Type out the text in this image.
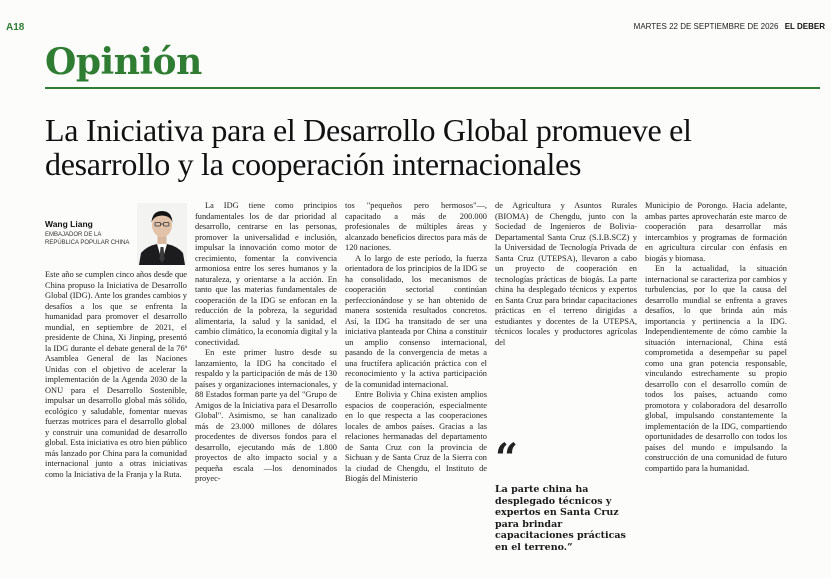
A18	MARTES 22 DE SEPTIEMBRE DE 2026 EL DEBER
Opinión
La Iniciativa para el Desarrollo Global promueve el desarrollo y la cooperación internacionales
Wang Liang
EMBAJADOR DE LA REPÚBLICA POPULAR CHINA

Este año se cumplen cinco años desde que China propuso la Iniciativa de Desarrollo Global (IDG). Ante los grandes cambios y desafíos a los que se enfrenta la humanidad para promover el desarrollo mundial, en septiembre de 2021, el presidente de China, Xi Jinping, presentó la IDG durante el debate general de la 76ª Asamblea General de las Naciones Unidas con el objetivo de acelerar la implementación de la Agenda 2030 de la ONU para el Desarrollo Sostenible, impulsar un desarrollo global más sólido, ecológico y saludable, fomentar nuevas fuerzas motrices para el desarrollo global y construir una comunidad de desarrollo global. Esta iniciativa es otro bien público más lanzado por China para la comunidad internacional junto a otras iniciativas como la Iniciativa de la Franja y la Ruta.

La IDG tiene como principios fundamentales los de dar prioridad al desarrollo, centrarse en las personas, promover la universalidad e inclusión, impulsar la innovación como motor de crecimiento, fomentar la convivencia armoniosa entre los seres humanos y la naturaleza, y orientarse a la acción. En tanto que las materias fundamentales de cooperación de la IDG se enfocan en la reducción de la pobreza, la seguridad alimentaria, la salud y la sanidad, el cambio climático, la economía digital y la conectividad.

En este primer lustro desde su lanzamiento, la IDG ha concitado el respaldo y la participación de más de 130 países y organizaciones internacionales, y 88 Estados forman parte ya del "Grupo de Amigos de la Iniciativa para el Desarrollo Global". Asimismo, se han canalizado más de 23.000 millones de dólares procedentes de diversos fondos para el desarrollo, ejecutando más de 1.800 proyectos de alto impacto social y a pequeña escala —los denominados proyec-

tos "pequeños pero hermosos"—, capacitado a más de 200.000 profesionales de múltiples áreas y alcanzado beneficios directos para más de 120 naciones.

A lo largo de este período, la fuerza orientadora de los principios de la IDG se ha consolidado, los mecanismos de cooperación sectorial continúan perfeccionándose y se han obtenido de manera sostenida resultados concretos. Así, la IDG ha transitado de ser una iniciativa planteada por China a constituir un amplio consenso internacional, pasando de la convergencia de metas a una fructífera aplicación práctica con el reconocimiento y la activa participación de la comunidad internacional.

Entre Bolivia y China existen amplios espacios de cooperación, especialmente en lo que respecta a las cooperaciones locales de ambos países. Gracias a las relaciones hermanadas del departamento de Santa Cruz con la provincia de Sichuan y de Santa Cruz de la Sierra con la ciudad de Chengdu, el Instituto de Biogás del Ministerio

de Agricultura y Asuntos Rurales (BIOMA) de Chengdu, junto con la Sociedad de Ingenieros de Bolivia-Departamental Santa Cruz (S.I.B.SCZ) y la Universidad de Tecnología Privada de Santa Cruz (UTEPSA), llevaron a cabo un proyecto de cooperación en tecnologías prácticas de biogás. La parte china ha desplegado técnicos y expertos en Santa Cruz para brindar capacitaciones prácticas en el terreno dirigidas a estudiantes y docentes de la UTEPSA, técnicos locales y productores agrícolas del

“
La parte china ha desplegado técnicos y expertos en Santa Cruz para brindar capacitaciones prácticas en el terreno.”

Municipio de Porongo. Hacia adelante, ambas partes aprovecharán este marco de cooperación para desarrollar más intercambios y programas de formación en agricultura circular con énfasis en biogás y biomasa.

En la actualidad, la situación internacional se caracteriza por cambios y turbulencias, por lo que la causa del desarrollo mundial se enfrenta a graves desafíos, lo que brinda aún más importancia y pertinencia a la IDG. Independientemente de cómo cambie la situación internacional, China está comprometida a desempeñar su papel como una gran potencia responsable, vinculando estrechamente su propio desarrollo con el desarrollo común de todos los países, actuando como promotora y colaboradora del desarrollo global, impulsando constantemente la implementación de la IDG, compartiendo oportunidades de desarrollo con todos los países del mundo e impulsando la construcción de una comunidad de futuro compartido para la humanidad.
